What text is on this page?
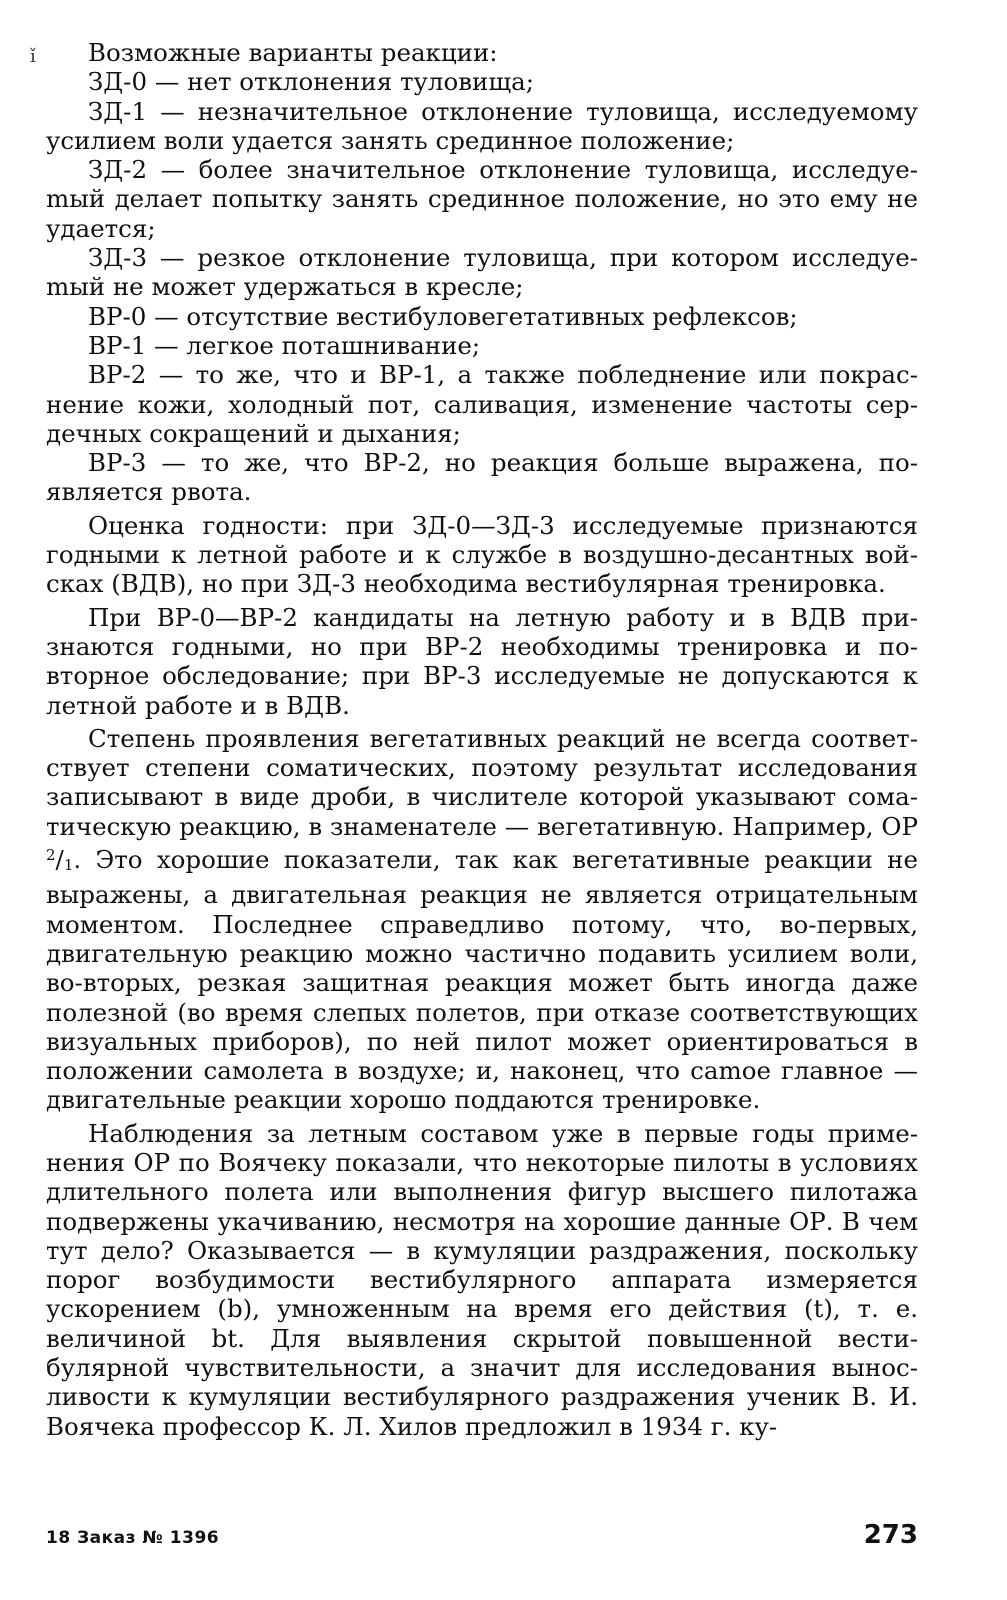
ǐ	Возможные варианты реакции:

ЗД-0 — нет отклонения туловища;

ЗД-1 — незначительное отклонение туловища, исследуемому усилием воли удается занять срединное положение;

ЗД-2 — более значительное отклонение туловища, исследуеmый делает попытку занять срединное положение, но это ему не удается;

ЗД-3 — резкое отклонение туловища, при котором исследуеmый не может удержаться в кресле;

ВР-0 — отсутствие вестибуловегетативных рефлексов;

ВР-1 — легкое поташнивание;

ВР-2 — то же, что и ВР-1, а также побледнение или покраснение кожи, холодный пот, саливация, изменение частоты сердечных сокращений и дыхания;

ВР-3 — то же, что ВР-2, но реакция больше выражена, появляется рвота.

Оценка годности: при ЗД-0—ЗД-3 исследуемые признаются годными к летной работе и к службе в воздушно-десантных войсках (ВДВ), но при ЗД-3 необходима вестибулярная тренировка.

При ВР-0—ВР-2 кандидаты на летную работу и в ВДВ признаются годными, но при ВР-2 необходимы тренировка и повторное обследование; при ВР-3 исследуемые не допускаются к летной работе и в ВДВ.

Степень проявления вегетативных реакций не всегда соответствует степени соматических, поэтому результат исследования записывают в виде дроби, в числителе которой указывают соматическую реакцию, в знаменателе — вегетативную. Например, ОР $^2/_1$. Это хорошие показатели, так как вегетативные реакции не выражены, а двигательная реакция не является отрицательным моментом. Последнее справедливо потому, что, во-первых, двигательную реакцию можно частично подавить усилием воли, во-вторых, резкая защитная реакция может быть иногда даже полезной (во время слепых полетов, при отказе соответствующих визуальных приборов), по ней пилот может ориентироваться в положении самолета в воздухе; и, наконец, что саmое главное — двигательные реакции хорошо поддаются тренировке.

Наблюдения за летным составом уже в первые годы применения ОР по Воячеку показали, что некоторые пилоты в условиях длительного полета или выполнения фигур высшего пилотажа подвержены укачиванию, несмотря на хорошие данные ОР. В чем тут дело? Оказывается — в кумуляции раздражения, поскольку порог возбудимости вестибулярного аппарата измеряется ускорением (b), умноженным на время его действия (t), т. е. величиной bt. Для выявления скрытой повышенной вестибулярной чувствительности, а значит для исследования выносливости к кумуляции вестибулярного раздражения ученик В. И. Воячека профессор К. Л. Хилов предложил в 1934 г. ку-

18 Заказ № 1396	273
